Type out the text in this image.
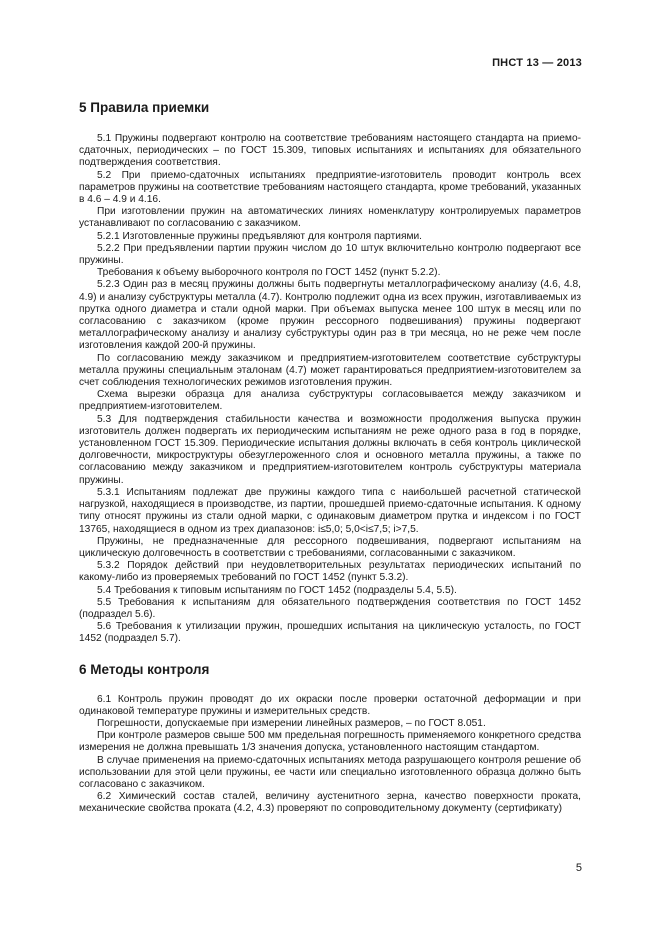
ПНСТ 13 — 2013
5 Правила приемки

5.1 Пружины подвергают контролю на соответствие требованиям настоящего стандарта на приемо-сдаточных, периодических – по ГОСТ 15.309, типовых испытаниях и испытаниях для обязательного подтверждения соответствия.

5.2 При приемо-сдаточных испытаниях предприятие-изготовитель проводит контроль всех параметров пружины на соответствие требованиям настоящего стандарта, кроме требований, указанных в 4.6 – 4.9 и 4.16.

При изготовлении пружин на автоматических линиях номенклатуру контролируемых параметров устанавливают по согласованию с заказчиком.

5.2.1 Изготовленные пружины предъявляют для контроля партиями.

5.2.2 При предъявлении партии пружин числом до 10 штук включительно контролю подвергают все пружины.

Требования к объему выборочного контроля по ГОСТ 1452 (пункт 5.2.2).

5.2.3 Один раз в месяц пружины должны быть подвергнуты металлографическому анализу (4.6, 4.8, 4.9) и анализу субструктуры металла (4.7). Контролю подлежит одна из всех пружин, изготавливаемых из прутка одного диаметра и стали одной марки. При объемах выпуска менее 100 штук в месяц или по согласованию с заказчиком (кроме пружин рессорного подвешивания) пружины подвергают металлографическому анализу и анализу субструктуры один раз в три месяца, но не реже чем после изготовления каждой 200-й пружины.

По согласованию между заказчиком и предприятием-изготовителем соответствие субструктуры металла пружины специальным эталонам (4.7) может гарантироваться предприятием-изготовителем за счет соблюдения технологических режимов изготовления пружин.

Схема вырезки образца для анализа субструктуры согласовывается между заказчиком и предприятием-изготовителем.

5.3 Для подтверждения стабильности качества и возможности продолжения выпуска пружин изготовитель должен подвергать их периодическим испытаниям не реже одного раза в год в порядке, установленном ГОСТ 15.309. Периодические испытания должны включать в себя контроль циклической долговечности, микроструктуры обезуглероженного слоя и основного металла пружины, а также по согласованию между заказчиком и предприятием-изготовителем контроль субструктуры материала пружины.

5.3.1 Испытаниям подлежат две пружины каждого типа с наибольшей расчетной статической нагрузкой, находящиеся в производстве, из партии, прошедшей приемо-сдаточные испытания. К одному типу относят пружины из стали одной марки, с одинаковым диаметром прутка и индексом i по ГОСТ 13765, находящиеся в одном из трех диапазонов: i≤5,0; 5,0<i≤7,5; i>7,5.

Пружины, не предназначенные для рессорного подвешивания, подвергают испытаниям на циклическую долговечность в соответствии с требованиями, согласованными с заказчиком.

5.3.2 Порядок действий при неудовлетворительных результатах периодических испытаний по какому-либо из проверяемых требований по ГОСТ 1452 (пункт 5.3.2).

5.4 Требования к типовым испытаниям по ГОСТ 1452 (подразделы 5.4, 5.5).

5.5 Требования к испытаниям для обязательного подтверждения соответствия по ГОСТ 1452 (подраздел 5.6).

5.6 Требования к утилизации пружин, прошедших испытания на циклическую усталость, по ГОСТ 1452 (подраздел 5.7).

6 Методы контроля

6.1 Контроль пружин проводят до их окраски после проверки остаточной деформации и при одинаковой температуре пружины и измерительных средств.

Погрешности, допускаемые при измерении линейных размеров, – по ГОСТ 8.051.

При контроле размеров свыше 500 мм предельная погрешность применяемого конкретного средства измерения не должна превышать 1/3 значения допуска, установленного настоящим стандартом.

В случае применения на приемо-сдаточных испытаниях метода разрушающего контроля решение об использовании для этой цели пружины, ее части или специально изготовленного образца должно быть согласовано с заказчиком.

6.2 Химический состав сталей, величину аустенитного зерна, качество поверхности проката, механические свойства проката (4.2, 4.3) проверяют по сопроводительному документу (сертификату)

5
